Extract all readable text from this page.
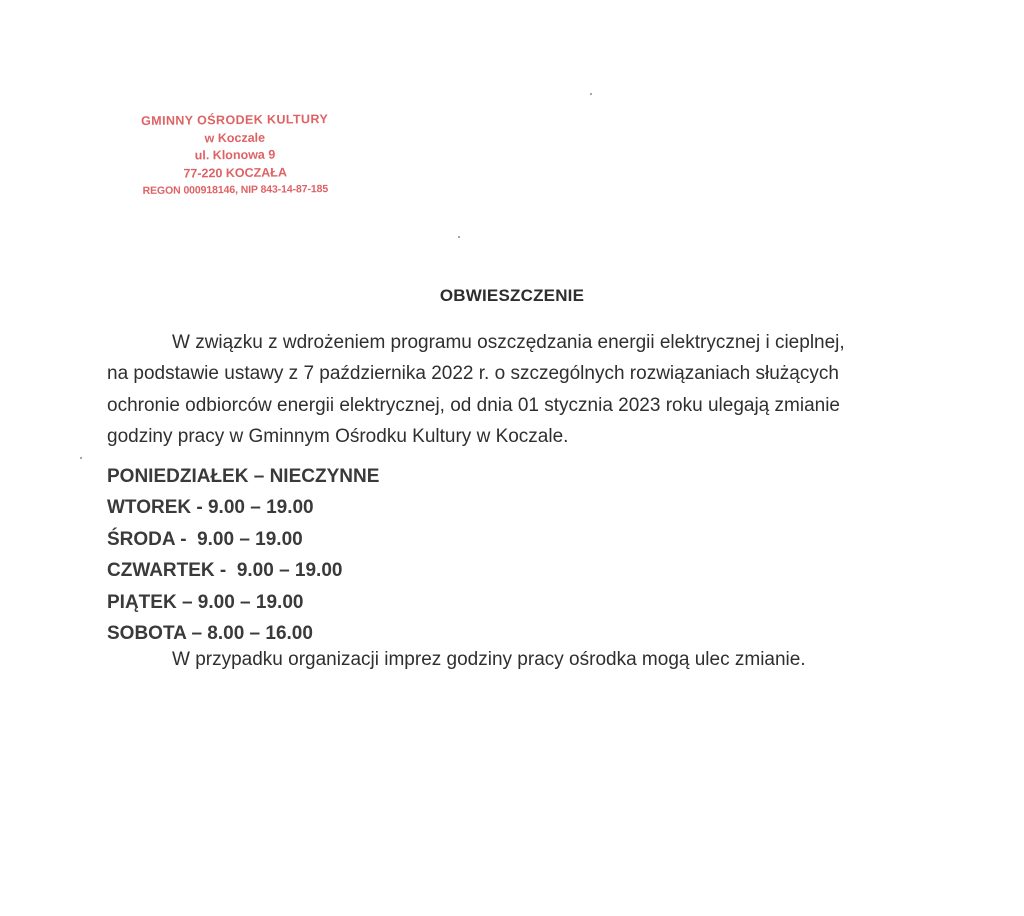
GMINNY OŚRODEK KULTURY
w Koczale
ul. Klonowa 9
77-220 KOCZAŁA
REGON 000918146, NIP 843-14-87-185
OBWIESZCZENIE
W związku z wdrożeniem programu oszczędzania energii elektrycznej i cieplnej,
na podstawie ustawy z 7 października 2022 r. o szczególnych rozwiązaniach służących
ochronie odbiorców energii elektrycznej, od dnia 01 stycznia 2023 roku ulegają zmianie
godziny pracy w Gminnym Ośrodku Kultury w Koczale.
PONIEDZIAŁEK – NIECZYNNE
WTOREK - 9.00 – 19.00
ŚRODA -  9.00 – 19.00
CZWARTEK -  9.00 – 19.00
PIĄTEK – 9.00 – 19.00
SOBOTA – 8.00 – 16.00
W przypadku organizacji imprez godziny pracy ośrodka mogą ulec zmianie.
